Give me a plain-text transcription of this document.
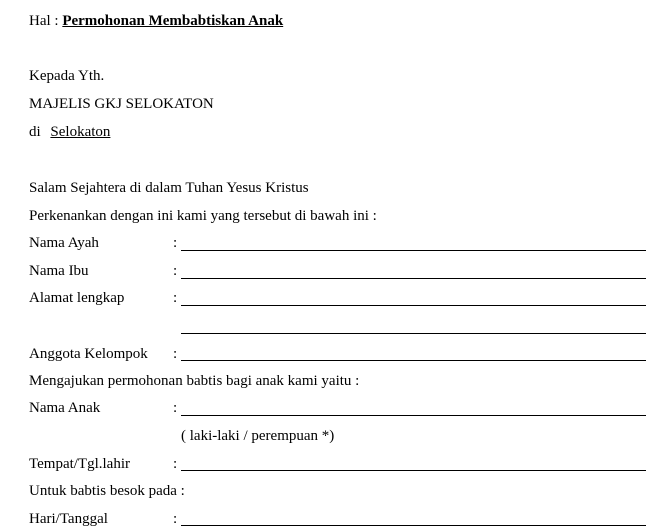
Hal : Permohonan Membabtiskan Anak
Kepada Yth.
MAJELIS GKJ SELOKATON
di Selokaton
Salam Sejahtera di dalam Tuhan Yesus Kristus
Perkenankan dengan ini kami yang tersebut di bawah ini :
Nama Ayah	:
Nama Ibu	:
Alamat lengkap	:
Anggota Kelompok :
Mengajukan permohonan babtis bagi anak kami yaitu :
Nama Anak	:
( laki-laki / perempuan *)
Tempat/Tgl.lahir	:
Untuk babtis besok pada :
Hari/Tanggal	:
